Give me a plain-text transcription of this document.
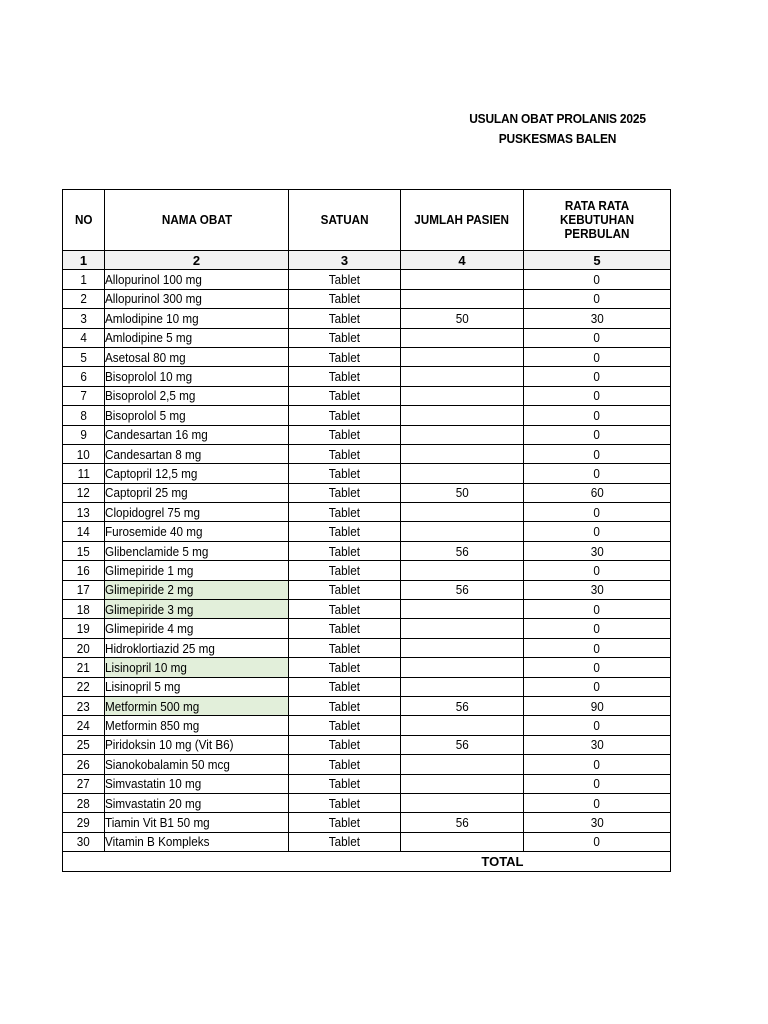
USULAN OBAT PROLANIS 2025
PUSKESMAS BALEN
NO	NAMA OBAT	SATUAN	JUMLAH PASIEN	RATA RATA KEBUTUHAN PERBULAN
1	2	3	4	5
1	Allopurinol 100 mg	Tablet		0
2	Allopurinol 300 mg	Tablet		0
3	Amlodipine 10 mg	Tablet	50	30
4	Amlodipine 5 mg	Tablet		0
5	Asetosal 80 mg	Tablet		0
6	Bisoprolol 10 mg	Tablet		0
7	Bisoprolol 2,5 mg	Tablet		0
8	Bisoprolol 5 mg	Tablet		0
9	Candesartan 16 mg	Tablet		0
10	Candesartan 8 mg	Tablet		0
11	Captopril 12,5 mg	Tablet		0
12	Captopril 25 mg	Tablet	50	60
13	Clopidogrel 75 mg	Tablet		0
14	Furosemide 40 mg	Tablet		0
15	Glibenclamide 5 mg	Tablet	56	30
16	Glimepiride 1 mg	Tablet		0
17	Glimepiride 2 mg	Tablet	56	30
18	Glimepiride 3 mg	Tablet		0
19	Glimepiride 4 mg	Tablet		0
20	Hidroklortiazid 25 mg	Tablet		0
21	Lisinopril 10 mg	Tablet		0
22	Lisinopril 5 mg	Tablet		0
23	Metformin 500 mg	Tablet	56	90
24	Metformin 850 mg	Tablet		0
25	Piridoksin 10 mg (Vit B6)	Tablet	56	30
26	Sianokobalamin 50 mcg	Tablet		0
27	Simvastatin 10 mg	Tablet		0
28	Simvastatin 20 mg	Tablet		0
29	Tiamin Vit B1 50 mg	Tablet	56	30
30	Vitamin B Kompleks	Tablet		0
			TOTAL	
